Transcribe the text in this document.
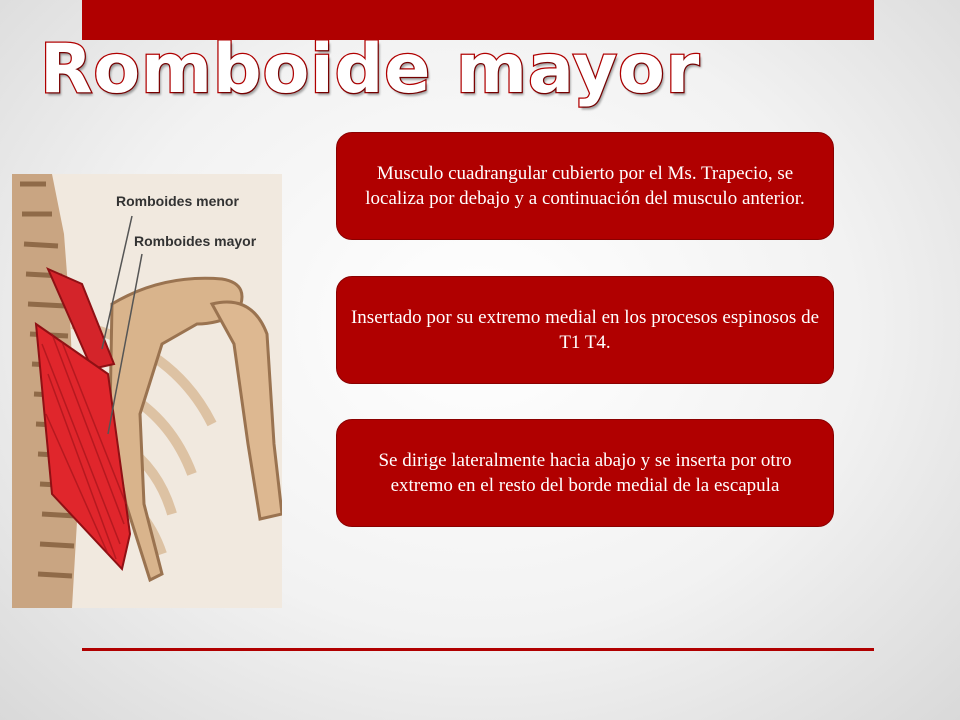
Romboide mayor
Romboides menor
Romboides mayor
Musculo cuadrangular cubierto por el Ms. Trapecio, se localiza por debajo y a continuación del musculo anterior.
Insertado por su extremo medial en los procesos espinosos de T1 T4.
Se dirige lateralmente hacia abajo y se inserta por otro extremo en el resto del borde medial de la escapula
